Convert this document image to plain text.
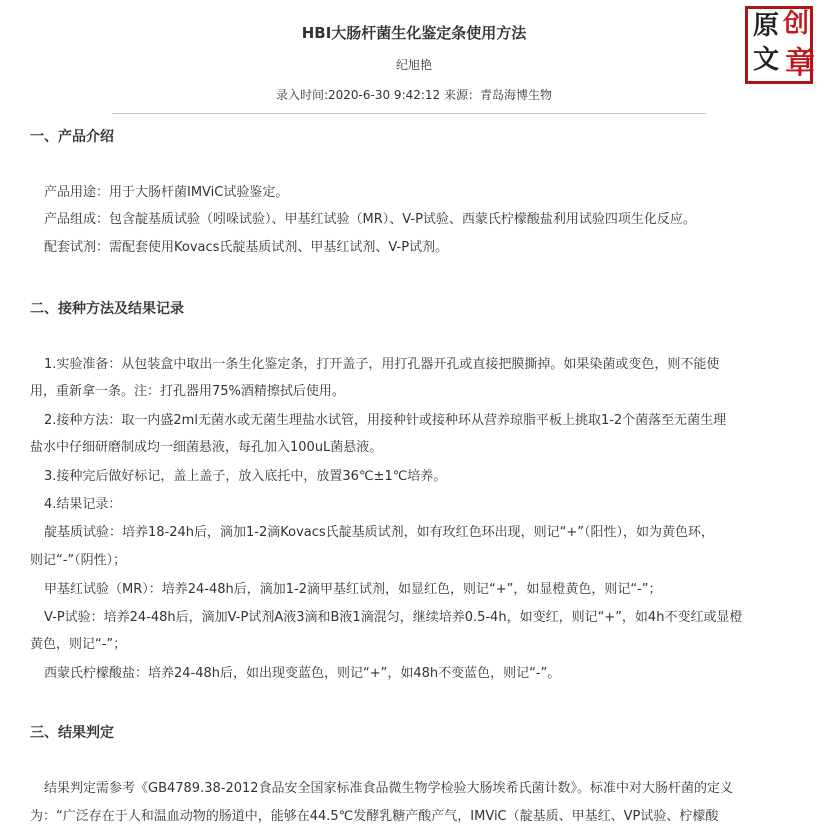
HBI大肠杆菌生化鉴定条使用方法
纪旭艳
录入时间:2020-6-30 9:42:12 来源：青岛海博生物
原 创
文 章
一、产品介绍
产品用途：用于大肠杆菌IMViC试验鉴定。
产品组成：包含靛基质试验（吲哚试验）、甲基红试验（MR）、V-P试验、西蒙氏柠檬酸盐利用试验四项生化反应。
配套试剂：需配套使用Kovacs氏靛基质试剂、甲基红试剂、V-P试剂。
二、接种方法及结果记录
1.实验准备：从包装盒中取出一条生化鉴定条，打开盖子，用打孔器开孔或直接把膜撕掉。如果染菌或变色，则不能使
用，重新拿一条。注：打孔器用75%酒精擦拭后使用。
2.接种方法：取一内盛2ml无菌水或无菌生理盐水试管，用接种针或接种环从营养琼脂平板上挑取1-2个菌落至无菌生理
盐水中仔细研磨制成均一细菌悬液，每孔加入100uL菌悬液。
3.接种完后做好标记，盖上盖子，放入底托中，放置36℃±1℃培养。
4.结果记录：
靛基质试验：培养18-24h后，滴加1-2滴Kovacs氏靛基质试剂，如有玫红色环出现，则记“+”（阳性），如为黄色环，
则记“-”（阴性）；
甲基红试验（MR）：培养24-48h后，滴加1-2滴甲基红试剂，如显红色，则记“+”，如显橙黄色，则记“-”；
V-P试验：培养24-48h后，滴加V-P试剂A液3滴和B液1滴混匀，继续培养0.5-4h，如变红，则记“+”，如4h不变红或显橙
黄色，则记“-”；
西蒙氏柠檬酸盐：培养24-48h后，如出现变蓝色，则记“+”，如48h不变蓝色，则记“-”。
三、结果判定
结果判定需参考《GB4789.38-2012食品安全国家标准食品微生物学检验大肠埃希氏菌计数》。标准中对大肠杆菌的定义
为：“广泛存在于人和温血动物的肠道中，能够在44.5℃发酵乳糖产酸产气，IMViC（靛基质、甲基红、VP试验、柠檬酸
